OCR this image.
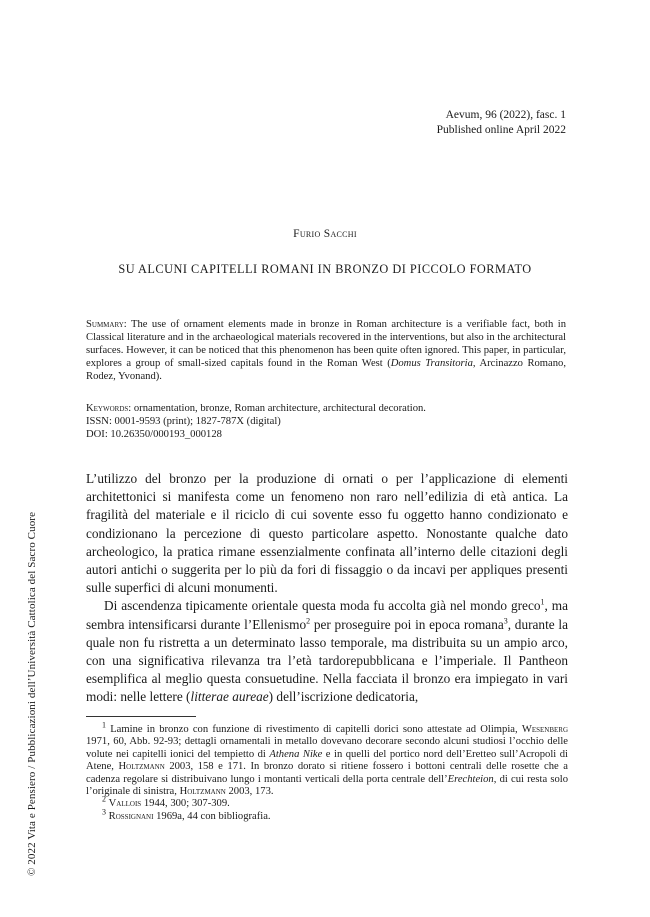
Aevum, 96 (2022), fasc. 1
Published online April 2022
Furio Sacchi
SU ALCUNI CAPITELLI ROMANI IN BRONZO DI PICCOLO FORMATO
Summary: The use of ornament elements made in bronze in Roman architecture is a verifiable fact, both in Classical literature and in the archaeological materials recovered in the interventions, but also in the architectural surfaces. However, it can be noticed that this phenomenon has been quite often ignored. This paper, in particular, explores a group of small-sized capitals found in the Roman West (Domus Transitoria, Arcinazzo Romano, Rodez, Yvonand).
Keywords: ornamentation, bronze, Roman architecture, architectural decoration.
ISSN: 0001-9593 (print); 1827-787X (digital)
DOI: 10.26350/000193_000128

L’utilizzo del bronzo per la produzione di ornati o per l’applicazione di elementi architettonici si manifesta come un fenomeno non raro nell’edilizia di età antica. La fragilità del materiale e il riciclo di cui sovente esso fu oggetto hanno condizionato e condizionano la percezione di questo particolare aspetto. Nonostante qualche dato archeologico, la pratica rimane essenzialmente confinata all’interno delle citazioni degli autori antichi o suggerita per lo più da fori di fissaggio o da incavi per appliques presenti sulle superfici di alcuni monumenti.

Di ascendenza tipicamente orientale questa moda fu accolta già nel mondo greco$^1$, ma sembra intensificarsi durante l’Ellenismo$^2$ per proseguire poi in epoca romana$^3$, durante la quale non fu ristretta a un determinato lasso temporale, ma distribuita su un ampio arco, con una significativa rilevanza tra l’età tardorepubblicana e l’imperiale. Il Pantheon esemplifica al meglio questa consuetudine. Nella facciata il bronzo era impiegato in vari modi: nelle lettere (litterae aureae) dell’iscrizione dedicatoria,

$^1$ Lamine in bronzo con funzione di rivestimento di capitelli dorici sono attestate ad Olimpia, Wesenberg 1971, 60, Abb. 92-93; dettagli ornamentali in metallo dovevano decorare secondo alcuni studiosi l’occhio delle volute nei capitelli ionici del tempietto di Athena Nike e in quelli del portico nord dell’Eretteo sull’Acropoli di Atene, Holtzmann 2003, 158 e 171. In bronzo dorato si ritiene fossero i bottoni centrali delle rosette che a cadenza regolare si distribuivano lungo i montanti verticali della porta centrale dell’Erechteion, di cui resta solo l’originale di sinistra, Holtzmann 2003, 173.

$^2$ Vallois 1944, 300; 307-309.

$^3$ Rossignani 1969a, 44 con bibliografia.

© 2022 Vita e Pensiero / Pubblicazioni dell’Università Cattolica del Sacro Cuore
